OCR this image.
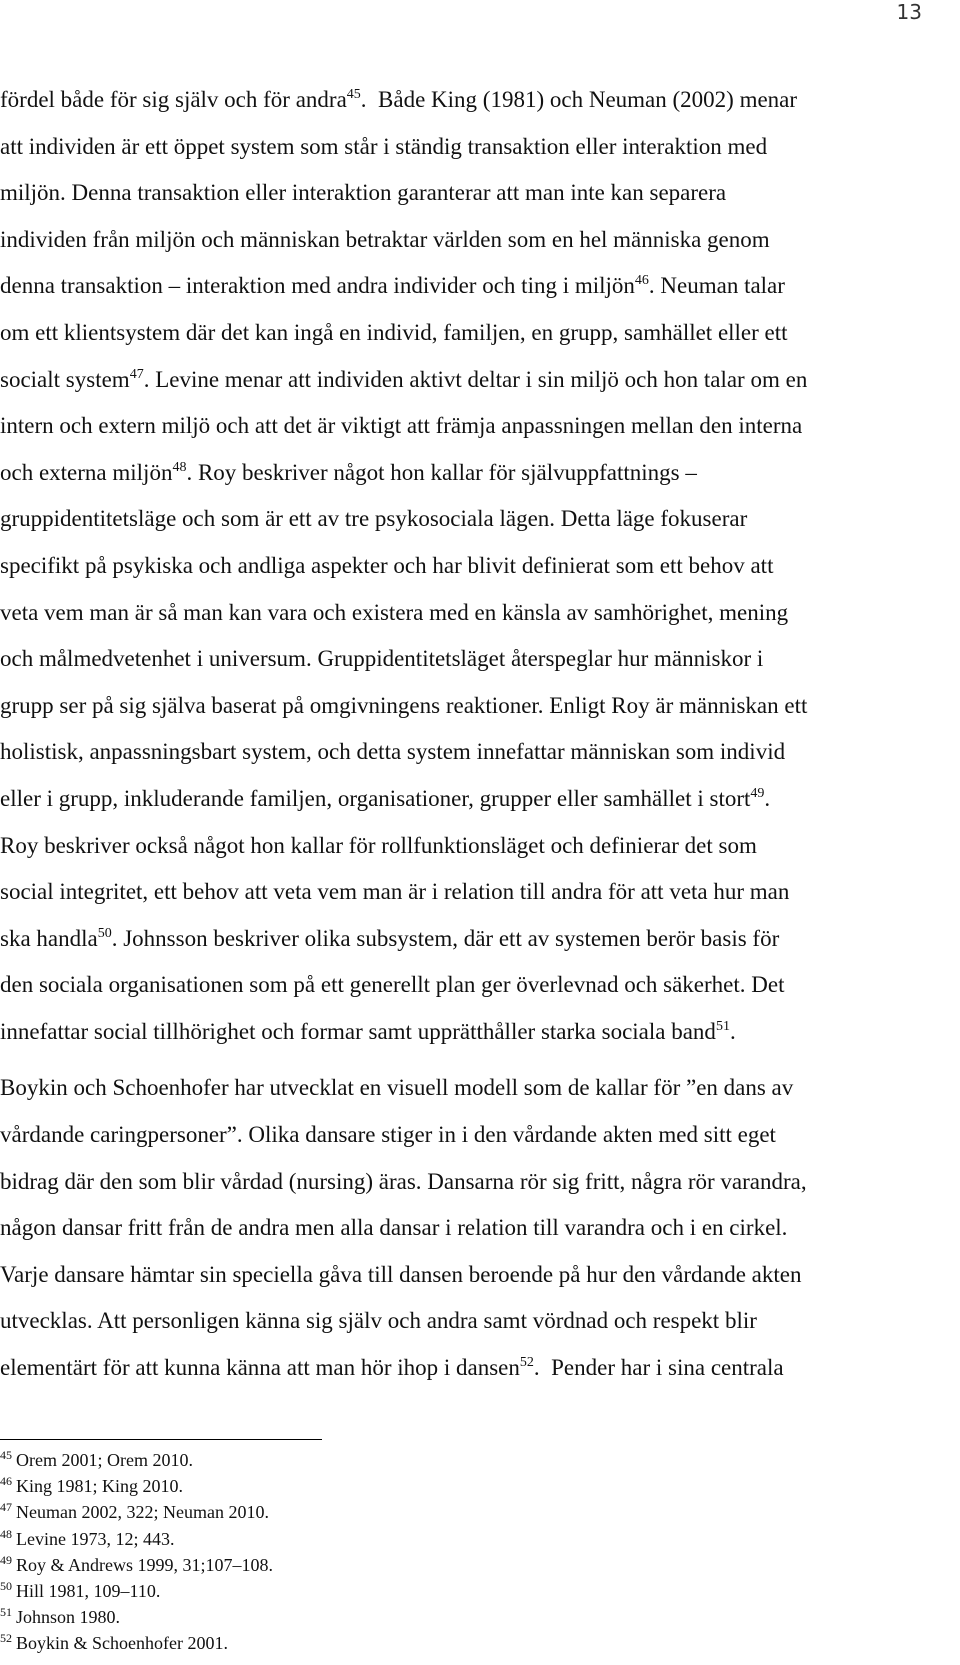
13
fördel både för sig själv och för andra$^{45}$.  Både King (1981) och Neuman (2002) menar
att individen är ett öppet system som står i ständig transaktion eller interaktion med
miljön. Denna transaktion eller interaktion garanterar att man inte kan separera
individen från miljön och människan betraktar världen som en hel människa genom
denna transaktion – interaktion med andra individer och ting i miljön$^{46}$. Neuman talar
om ett klientsystem där det kan ingå en individ, familjen, en grupp, samhället eller ett
socialt system$^{47}$. Levine menar att individen aktivt deltar i sin miljö och hon talar om en
intern och extern miljö och att det är viktigt att främja anpassningen mellan den interna
och externa miljön$^{48}$. Roy beskriver något hon kallar för självuppfattnings –
gruppidentitetsläge och som är ett av tre psykosociala lägen. Detta läge fokuserar
specifikt på psykiska och andliga aspekter och har blivit definierat som ett behov att
veta vem man är så man kan vara och existera med en känsla av samhörighet, mening
och målmedvetenhet i universum. Gruppidentitetsläget återspeglar hur människor i
grupp ser på sig själva baserat på omgivningens reaktioner. Enligt Roy är människan ett
holistisk, anpassningsbart system, och detta system innefattar människan som individ
eller i grupp, inkluderande familjen, organisationer, grupper eller samhället i stort$^{49}$.
Roy beskriver också något hon kallar för rollfunktionsläget och definierar det som
social integritet, ett behov att veta vem man är i relation till andra för att veta hur man
ska handla$^{50}$. Johnsson beskriver olika subsystem, där ett av systemen berör basis för
den sociala organisationen som på ett generellt plan ger överlevnad och säkerhet. Det
innefattar social tillhörighet och formar samt upprätthåller starka sociala band$^{51}$.
Boykin och Schoenhofer har utvecklat en visuell modell som de kallar för ”en dans av
vårdande caringpersoner”. Olika dansare stiger in i den vårdande akten med sitt eget
bidrag där den som blir vårdad (nursing) äras. Dansarna rör sig fritt, några rör varandra,
någon dansar fritt från de andra men alla dansar i relation till varandra och i en cirkel.
Varje dansare hämtar sin speciella gåva till dansen beroende på hur den vårdande akten
utvecklas. Att personligen känna sig själv och andra samt vördnad och respekt blir
elementärt för att kunna känna att man hör ihop i dansen$^{52}$.  Pender har i sina centrala
$^{45}$ Orem 2001; Orem 2010.
$^{46}$ King 1981; King 2010.
$^{47}$ Neuman 2002, 322; Neuman 2010.
$^{48}$ Levine 1973, 12; 443.
$^{49}$ Roy & Andrews 1999, 31;107–108.
$^{50}$ Hill 1981, 109–110.
$^{51}$ Johnson 1980.
$^{52}$ Boykin & Schoenhofer 2001.
